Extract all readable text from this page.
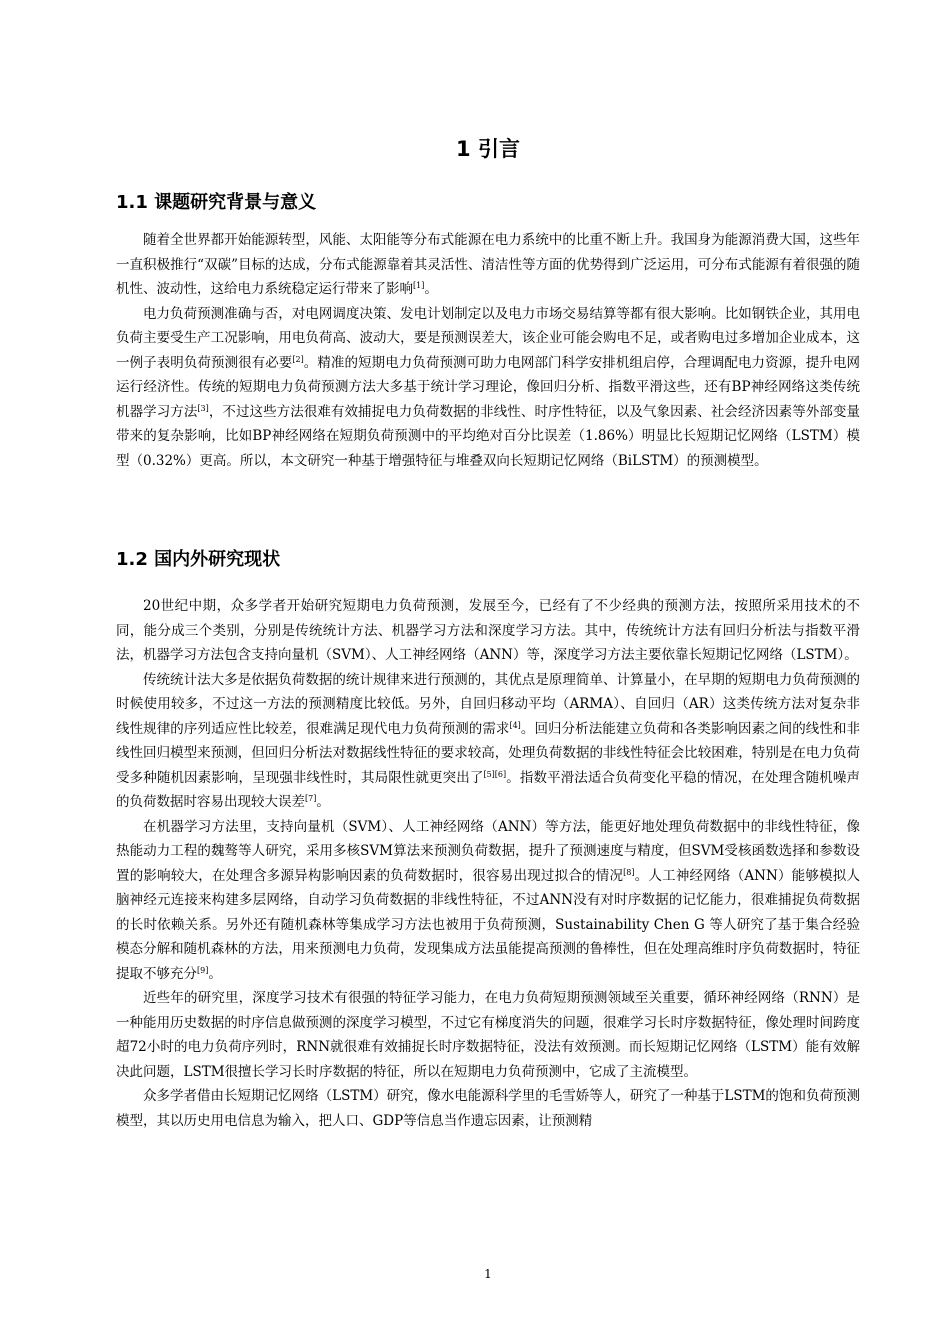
1 引言
1.1 课题研究背景与意义

随着全世界都开始能源转型，风能、太阳能等分布式能源在电力系统中的比重不断上升。我国身为能源消费大国，这些年一直积极推行“双碳”目标的达成，分布式能源靠着其灵活性、清洁性等方面的优势得到广泛运用，可分布式能源有着很强的随机性、波动性，这给电力系统稳定运行带来了影响[1]。

电力负荷预测准确与否，对电网调度决策、发电计划制定以及电力市场交易结算等都有很大影响。比如钢铁企业，其用电负荷主要受生产工况影响，用电负荷高、波动大，要是预测误差大，该企业可能会购电不足，或者购电过多增加企业成本，这一例子表明负荷预测很有必要[2]。精准的短期电力负荷预测可助力电网部门科学安排机组启停，合理调配电力资源，提升电网运行经济性。传统的短期电力负荷预测方法大多基于统计学习理论，像回归分析、指数平滑这些，还有BP神经网络这类传统机器学习方法[3]，不过这些方法很难有效捕捉电力负荷数据的非线性、时序性特征，以及气象因素、社会经济因素等外部变量带来的复杂影响，比如BP神经网络在短期负荷预测中的平均绝对百分比误差（1.86%）明显比长短期记忆网络（LSTM）模型（0.32%）更高。所以，本文研究一种基于增强特征与堆叠双向长短期记忆网络（BiLSTM）的预测模型。

1.2 国内外研究现状

20世纪中期，众多学者开始研究短期电力负荷预测，发展至今，已经有了不少经典的预测方法，按照所采用技术的不同，能分成三个类别，分别是传统统计方法、机器学习方法和深度学习方法。其中，传统统计方法有回归分析法与指数平滑法，机器学习方法包含支持向量机（SVM）、人工神经网络（ANN）等，深度学习方法主要依靠长短期记忆网络（LSTM）。

传统统计法大多是依据负荷数据的统计规律来进行预测的，其优点是原理简单、计算量小，在早期的短期电力负荷预测的时候使用较多，不过这一方法的预测精度比较低。另外，自回归移动平均（ARMA）、自回归（AR）这类传统方法对复杂非线性规律的序列适应性比较差，很难满足现代电力负荷预测的需求[4]。回归分析法能建立负荷和各类影响因素之间的线性和非线性回归模型来预测，但回归分析法对数据线性特征的要求较高，处理负荷数据的非线性特征会比较困难，特别是在电力负荷受多种随机因素影响，呈现强非线性时，其局限性就更突出了[5][6]。指数平滑法适合负荷变化平稳的情况，在处理含随机噪声的负荷数据时容易出现较大误差[7]。

在机器学习方法里，支持向量机（SVM）、人工神经网络（ANN）等方法，能更好地处理负荷数据中的非线性特征，像热能动力工程的魏骜等人研究，采用多核SVM算法来预测负荷数据，提升了预测速度与精度，但SVM受核函数选择和参数设置的影响较大，在处理含多源异构影响因素的负荷数据时，很容易出现过拟合的情况[8]。人工神经网络（ANN）能够模拟人脑神经元连接来构建多层网络，自动学习负荷数据的非线性特征，不过ANN没有对时序数据的记忆能力，很难捕捉负荷数据的长时依赖关系。另外还有随机森林等集成学习方法也被用于负荷预测，Sustainability Chen G 等人研究了基于集合经验模态分解和随机森林的方法，用来预测电力负荷，发现集成方法虽能提高预测的鲁棒性，但在处理高维时序负荷数据时，特征提取不够充分[9]。

近些年的研究里，深度学习技术有很强的特征学习能力，在电力负荷短期预测领域至关重要，循环神经网络（RNN）是一种能用历史数据的时序信息做预测的深度学习模型，不过它有梯度消失的问题，很难学习长时序数据特征，像处理时间跨度超72小时的电力负荷序列时，RNN就很难有效捕捉长时序数据特征，没法有效预测。而长短期记忆网络（LSTM）能有效解决此问题，LSTM很擅长学习长时序数据的特征，所以在短期电力负荷预测中，它成了主流模型。

众多学者借由长短期记忆网络（LSTM）研究，像水电能源科学里的毛雪娇等人，研究了一种基于LSTM的饱和负荷预测模型，其以历史用电信息为输入，把人口、GDP等信息当作遗忘因素，让预测精

1
